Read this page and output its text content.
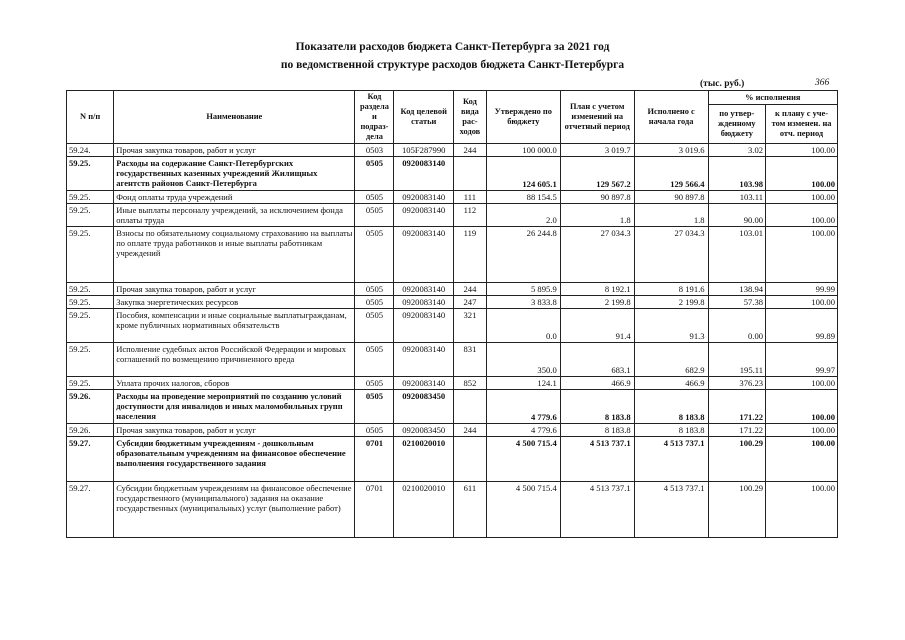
Показатели расходов бюджета Санкт-Петербурга за 2021 год
по ведомственной структуре расходов бюджета Санкт-Петербурга
(тыс. руб.)	366
N п/п	Наименование	Код раздела и подраз- дела	Код целевой статьи	Код вида рас- ходов	Утверждено по бюджету	План с учетом изменений на отчетный период	Исполнено с начала года	% исполнения	
								по утвер- жденному бюджету	к плану с уче- том изменен. на отч. период
59.24.	Прочая закупка товаров, работ и услуг	0503	105F287990	244	100 000.0	3 019.7	3 019.6	3.02	100.00
59.25.	Расходы на содержание Санкт-Петербургских государственных казенных учреждений Жилищных агентств районов Санкт-Петербурга	0505	0920083140		124 605.1	129 567.2	129 566.4	103.98	100.00
59.25.	Фонд оплаты труда учреждений	0505	0920083140	111	88 154.5	90 897.8	90 897.8	103.11	100.00
59.25.	Иные выплаты персоналу учреждений, за исключением фонда оплаты труда	0505	0920083140	112	2.0	1.8	1.8	90.00	100.00
59.25.	Взносы по обязательному социальному страхованию на выплаты по оплате труда работников и иные выплаты работникам учреждений	0505	0920083140	119	26 244.8	27 034.3	27 034.3	103.01	100.00
59.25.	Прочая закупка товаров, работ и услуг	0505	0920083140	244	5 895.9	8 192.1	8 191.6	138.94	99.99
59.25.	Закупка энергетических ресурсов	0505	0920083140	247	3 833.8	2 199.8	2 199.8	57.38	100.00
59.25.	Пособия, компенсации и иные социальные выплатыгражданам, кроме публичных нормативных обязательств	0505	0920083140	321	0.0	91.4	91.3	0.00	99.89
59.25.	Исполнение судебных актов Российской Федерации и мировых соглашений по возмещению причиненного вреда	0505	0920083140	831	350.0	683.1	682.9	195.11	99.97
59.25.	Уплата прочих налогов, сборов	0505	0920083140	852	124.1	466.9	466.9	376.23	100.00
59.26.	Расходы на проведение мероприятий по созданию условий доступности для инвалидов и иных маломобильных групп населения	0505	0920083450		4 779.6	8 183.8	8 183.8	171.22	100.00
59.26.	Прочая закупка товаров, работ и услуг	0505	0920083450	244	4 779.6	8 183.8	8 183.8	171.22	100.00
59.27.	Субсидии бюджетным учреждениям - дошкольным образовательным учреждениям на финансовое обеспечение выполнения государственного задания	0701	0210020010		4 500 715.4	4 513 737.1	4 513 737.1	100.29	100.00
59.27.	Субсидии бюджетным учреждениям на финансовое обеспечение государственного (муниципального) задания на оказание государственных (муниципальных) услуг (выполнение работ)	0701	0210020010	611	4 500 715.4	4 513 737.1	4 513 737.1	100.29	100.00
